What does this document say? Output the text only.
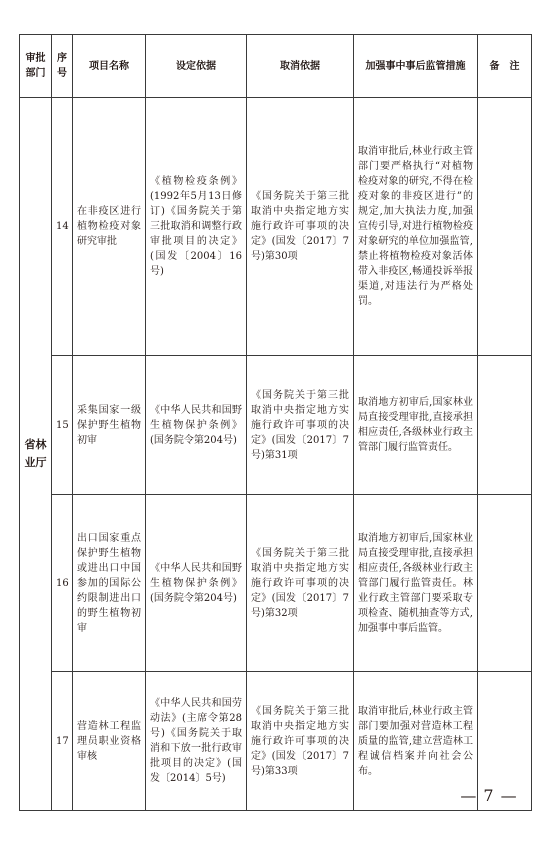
审批部门	序号	项目名称	设定依据	取消依据	加强事中事后监管措施	备　注
省林业厅	14	在非疫区进行植物检疫对象研究审批	《植物检疫条例》(1992年5月13日修订)《国务院关于第三批取消和调整行政审批项目的决定》(国发〔2004〕16号)	《国务院关于第三批取消中央指定地方实施行政许可事项的决定》(国发〔2017〕7号)第30项	取消审批后,林业行政主管部门要严格执行“对植物检疫对象的研究,不得在检疫对象的非疫区进行”的规定,加大执法力度,加强宣传引导,对进行植物检疫对象研究的单位加强监管,禁止将植物检疫对象活体带入非疫区,畅通投诉举报渠道,对违法行为严格处罚。	
	15	采集国家一级保护野生植物初审	《中华人民共和国野生植物保护条例》(国务院令第204号)	《国务院关于第三批取消中央指定地方实施行政许可事项的决定》(国发〔2017〕7号)第31项	取消地方初审后,国家林业局直接受理审批,直接承担相应责任,各级林业行政主管部门履行监管责任。	
	16	出口国家重点保护野生植物或进出口中国参加的国际公约限制进出口的野生植物初审	《中华人民共和国野生植物保护条例》(国务院令第204号)	《国务院关于第三批取消中央指定地方实施行政许可事项的决定》(国发〔2017〕7号)第32项	取消地方初审后,国家林业局直接受理审批,直接承担相应责任,各级林业行政主管部门履行监管责任。林业行政主管部门要采取专项检查、随机抽查等方式,加强事中事后监管。	
	17	营造林工程监理员职业资格审核	《中华人民共和国劳动法》(主席令第28号)《国务院关于取消和下放一批行政审批项目的决定》(国发〔2014〕5号)	《国务院关于第三批取消中央指定地方实施行政许可事项的决定》(国发〔2017〕7号)第33项	取消审批后,林业行政主管部门要加强对营造林工程质量的监管,建立营造林工程诚信档案并向社会公布。	
— 7 —
